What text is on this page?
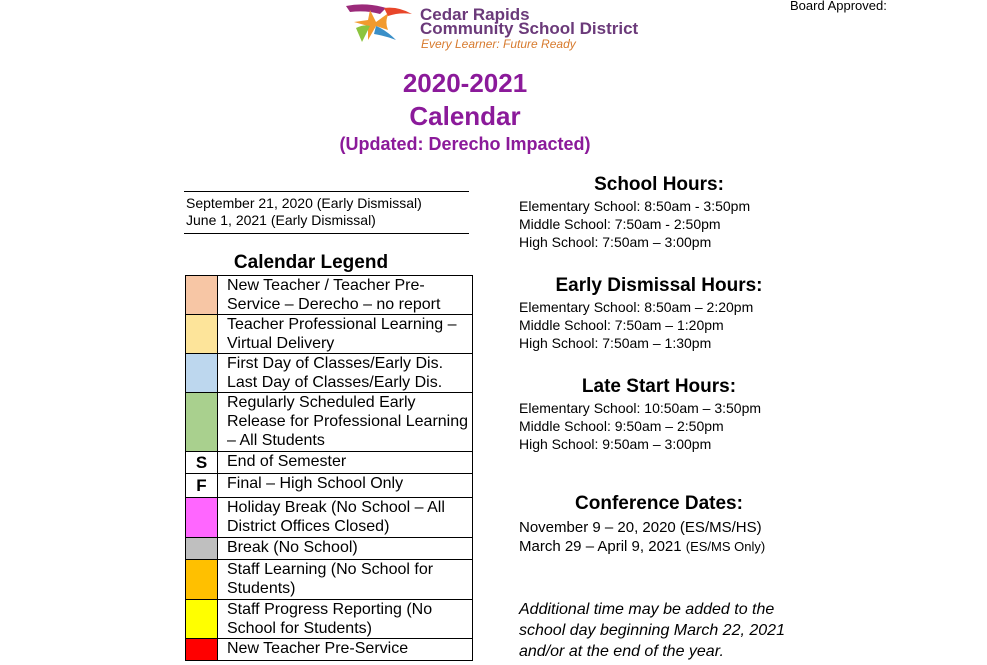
Cedar Rapids
Community School District
Every Learner: Future Ready
Board Approved:
2020-2021
Calendar
(Updated: Derecho Impacted)
September 21, 2020 (Early Dismissal)
June 1, 2021 (Early Dismissal)
Calendar Legend
	New Teacher / Teacher Pre-Service – Derecho – no report
	Teacher Professional Learning – Virtual Delivery
	First Day of Classes/Early Dis. Last Day of Classes/Early Dis.
	Regularly Scheduled Early Release for Professional Learning – All Students
S	End of Semester
F	Final – High School Only
	Holiday Break (No School – All District Offices Closed)
	Break (No School)
	Staff Learning (No School for Students)
	Staff Progress Reporting (No School for Students)
	New Teacher Pre-Service
School Hours:
Elementary School: 8:50am - 3:50pm
Middle School: 7:50am - 2:50pm
High School: 7:50am – 3:00pm
Early Dismissal Hours:
Elementary School: 8:50am – 2:20pm
Middle School: 7:50am – 1:20pm
High School: 7:50am – 1:30pm
Late Start Hours:
Elementary School: 10:50am – 3:50pm
Middle School: 9:50am – 2:50pm
High School: 9:50am – 3:00pm
Conference Dates:
November 9 – 20, 2020 (ES/MS/HS)
March 29 – April 9, 2021 (ES/MS Only)
Additional time may be added to the
school day beginning March 22, 2021
and/or at the end of the year.
